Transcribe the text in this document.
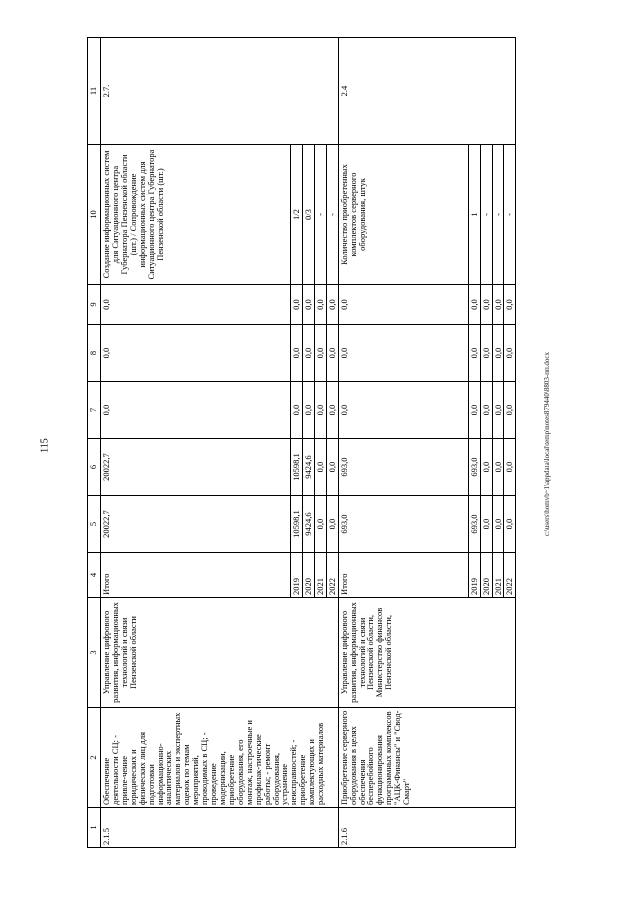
115
1	2	3	4	5	6	7	8	9	10	11
2.1.5	Обеспечение деятельности СЦ: - привле-чение юридических и физических лиц для подготовки информационно-аналитических материалов и экспертных оценок по темам мероприятий, проводимых в СЦ; - проведение модернизации, приобретение оборудования, его монтаж, настроечные и профилак-тические работы; - ремонт оборудования, устранение неисправностей; - приобретение комплектующих и расходных материалов	Управление цифрового развития, информационных технологий и связи Пензенской области	Итого	20022,7	20022,7	0,0	0,0	0,0	Создание информационных систем для Ситуационного центра Губернатора Пензенской области (шт.) / Сопровождение информационных систем для Ситуационного центра Губернатора Пензенской области (шт.)	2.7.
			2019	10598,1	10598,1	0,0	0,0	0,0	1/2	
			2020	9424,6	9424,6	0,0	0,0	0,0	0/3	
			2021	0,0	0,0	0,0	0,0	0,0	-	
			2022	0,0	0,0	0,0	0,0	0,0	-	
2.1.6	Приобретение серверного оборудования в целях обеспечения бесперебойного функционирования программных комплексов "АЦК-Финансы" и "Свод-Смарт"	Управление цифрового развития, информационных технологий и связи Пензенской области, Министерство финансов Пензенской области,	Итого	693,0	693,0	0,0	0,0	0,0	Количество приобретенных комплектов серверного оборудования, штук	2.4
			2019	693,0	693,0	0,0	0,0	0,0	1	
			2020	0,0	0,0	0,0	0,0	0,0	-	
			2021	0,0	0,0	0,0	0,0	0,0	-	
			2022	0,0	0,0	0,0	0,0	0,0	-	
c:\users\homvb~1\appdata\local\temp\notes879440\8803-пп.docx
